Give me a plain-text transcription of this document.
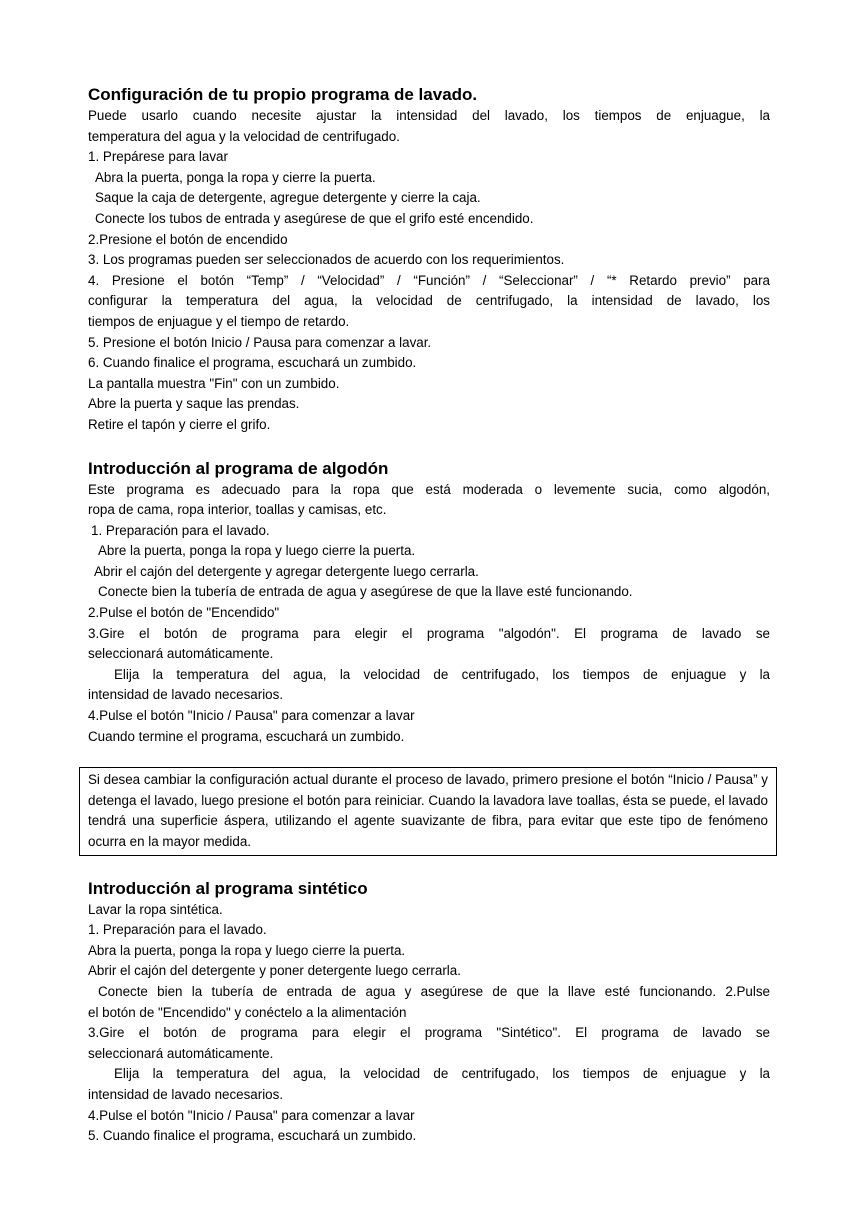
Configuración de tu propio programa de lavado.

Puede usarlo cuando necesite ajustar la intensidad del lavado, los tiempos de enjuague, la

temperatura del agua y la velocidad de centrifugado.

1. Prepárese para lavar

Abra la puerta, ponga la ropa y cierre la puerta.

Saque la caja de detergente, agregue detergente y cierre la caja.

Conecte los tubos de entrada y asegúrese de que el grifo esté encendido.

2.Presione el botón de encendido

3. Los programas pueden ser seleccionados de acuerdo con los requerimientos.

4. Presione el botón “Temp” / “Velocidad” / “Función” / “Seleccionar” / “* Retardo previo” para

configurar la temperatura del agua, la velocidad de centrifugado, la intensidad de lavado, los

tiempos de enjuague y el tiempo de retardo.

5. Presione el botón Inicio / Pausa para comenzar a lavar.

6. Cuando finalice el programa, escuchará un zumbido.

La pantalla muestra "Fin" con un zumbido.

Abre la puerta y saque las prendas.

Retire el tapón y cierre el grifo.

Introducción al programa de algodón

Este programa es adecuado para la ropa que está moderada o levemente sucia, como algodón,

ropa de cama, ropa interior, toallas y camisas, etc.

1. Preparación para el lavado.

Abre la puerta, ponga la ropa y luego cierre la puerta.

Abrir el cajón del detergente y agregar detergente luego cerrarla.

Conecte bien la tubería de entrada de agua y asegúrese de que la llave esté funcionando.

2.Pulse el botón de "Encendido"

3.Gire el botón de programa para elegir el programa "algodón". El programa de lavado se

seleccionará automáticamente.

Elija la temperatura del agua, la velocidad de centrifugado, los tiempos de enjuague y la

intensidad de lavado necesarios.

4.Pulse el botón "Inicio / Pausa" para comenzar a lavar

Cuando termine el programa, escuchará un zumbido.

Si desea cambiar la configuración actual durante el proceso de lavado, primero presione el botón “Inicio / Pausa” y detenga el lavado, luego presione el botón para reiniciar. Cuando la lavadora lave toallas, ésta se puede, el lavado tendrá una superficie áspera, utilizando el agente suavizante de fibra, para evitar que este tipo de fenómeno ocurra en la mayor medida.

Introducción al programa sintético

Lavar la ropa sintética.

1. Preparación para el lavado.

Abra la puerta, ponga la ropa y luego cierre la puerta.

Abrir el cajón del detergente y poner detergente luego cerrarla.

Conecte bien la tubería de entrada de agua y asegúrese de que la llave esté funcionando. 2.Pulse

el botón de "Encendido" y conéctelo a la alimentación

3.Gire el botón de programa para elegir el programa "Sintético". El programa de lavado se

seleccionará automáticamente.

Elija la temperatura del agua, la velocidad de centrifugado, los tiempos de enjuague y la

intensidad de lavado necesarios.

4.Pulse el botón "Inicio / Pausa" para comenzar a lavar

5. Cuando finalice el programa, escuchará un zumbido.
